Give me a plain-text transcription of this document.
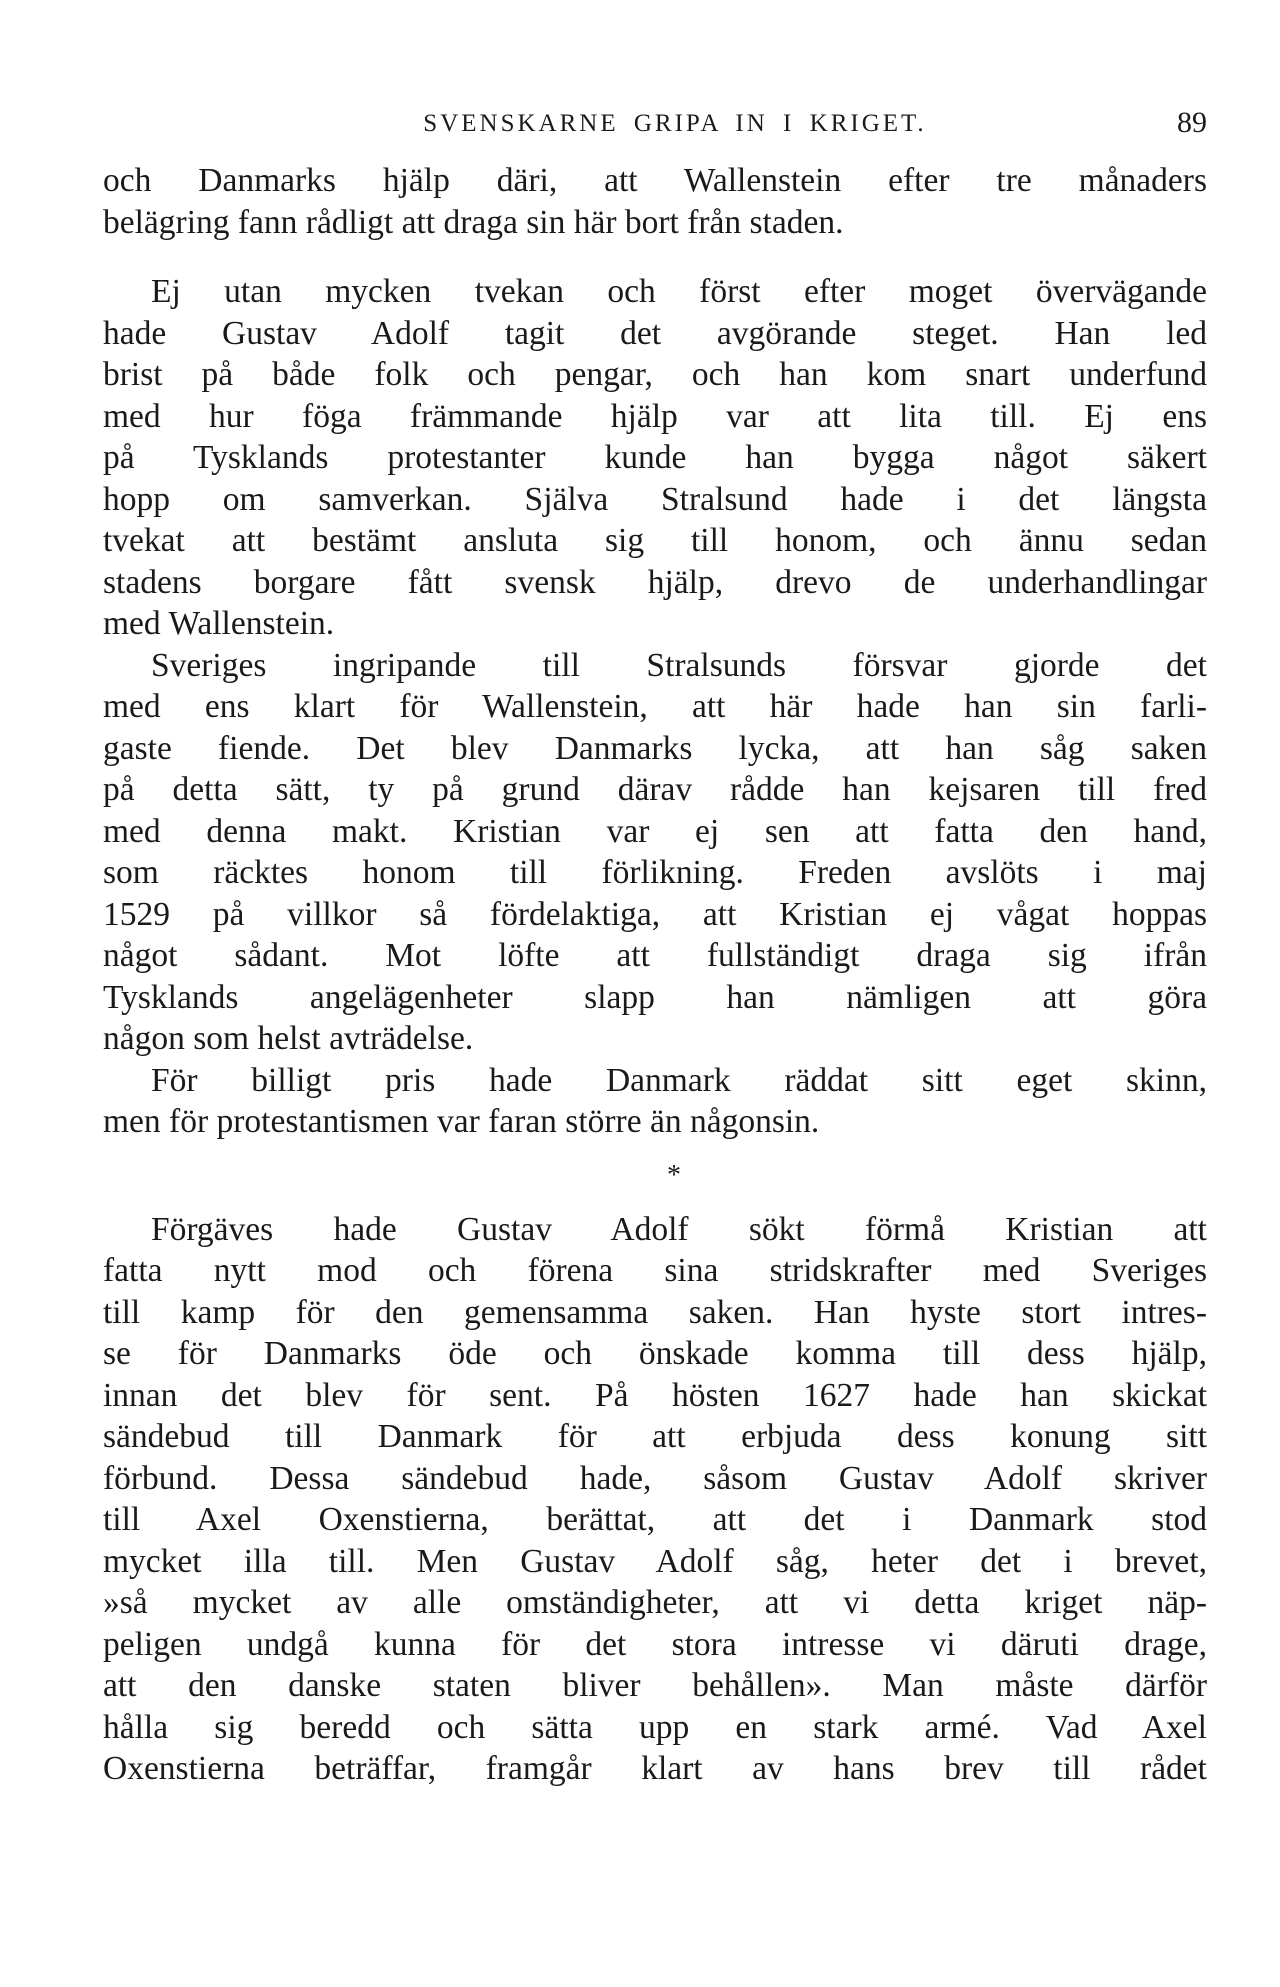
SVENSKARNE GRIPA IN I KRIGET.	89
och Danmarks hjälp däri, att Wallenstein efter tre månaders
belägring fann rådligt att draga sin här bort från staden.
Ej utan mycken tvekan och först efter moget övervägande
hade Gustav Adolf tagit det avgörande steget. Han led
brist på både folk och pengar, och han kom snart underfund
med hur föga främmande hjälp var att lita till. Ej ens
på Tysklands protestanter kunde han bygga något säkert
hopp om samverkan. Själva Stralsund hade i det längsta
tvekat att bestämt ansluta sig till honom, och ännu sedan
stadens borgare fått svensk hjälp, drevo de underhandlingar
med Wallenstein.
Sveriges ingripande till Stralsunds försvar gjorde det
med ens klart för Wallenstein, att här hade han sin farli-
gaste fiende. Det blev Danmarks lycka, att han såg saken
på detta sätt, ty på grund därav rådde han kejsaren till fred
med denna makt. Kristian var ej sen att fatta den hand,
som räcktes honom till förlikning. Freden avslöts i maj
1529 på villkor så fördelaktiga, att Kristian ej vågat hoppas
något sådant. Mot löfte att fullständigt draga sig ifrån
Tysklands angelägenheter slapp han nämligen att göra
någon som helst avträdelse.
För billigt pris hade Danmark räddat sitt eget skinn,
men för protestantismen var faran större än någonsin.
*
Förgäves hade Gustav Adolf sökt förmå Kristian att
fatta nytt mod och förena sina stridskrafter med Sveriges
till kamp för den gemensamma saken. Han hyste stort intres-
se för Danmarks öde och önskade komma till dess hjälp,
innan det blev för sent. På hösten 1627 hade han skickat
sändebud till Danmark för att erbjuda dess konung sitt
förbund. Dessa sändebud hade, såsom Gustav Adolf skriver
till Axel Oxenstierna, berättat, att det i Danmark stod
mycket illa till. Men Gustav Adolf såg, heter det i brevet,
»så mycket av alle omständigheter, att vi detta kriget näp-
peligen undgå kunna för det stora intresse vi däruti drage,
att den danske staten bliver behållen». Man måste därför
hålla sig beredd och sätta upp en stark armé. Vad Axel
Oxenstierna beträffar, framgår klart av hans brev till rådet
